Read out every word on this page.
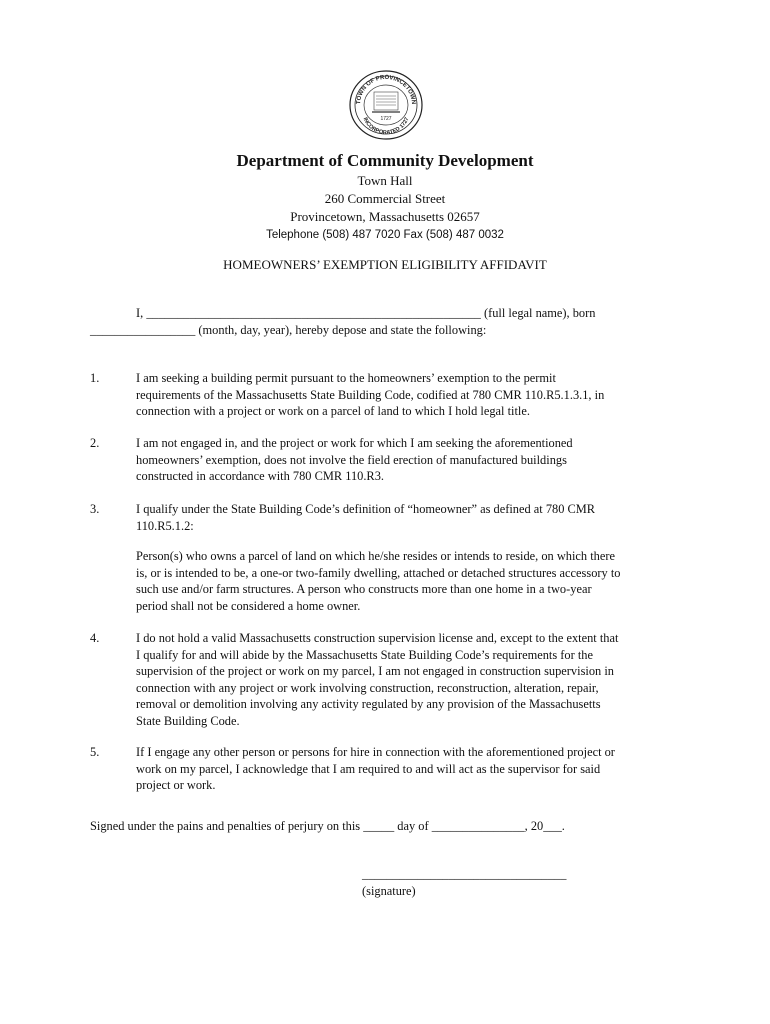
TOWN OF PROVINCETOWN
INCORPORATED 1727
1727
Department of Community Development
Town Hall
260 Commercial Street
Provincetown, Massachusetts 02657
Telephone (508) 487 7020 Fax (508) 487 0032
HOMEOWNERS’ EXEMPTION ELIGIBILITY AFFIDAVIT
I, ______________________________________________________ (full legal name), born
_________________ (month, day, year), hereby depose and state the following:
1.	I am seeking a building permit pursuant to the homeowners’ exemption to the permit
requirements of the Massachusetts State Building Code, codified at 780 CMR 110.R5.1.3.1, in
connection with a project or work on a parcel of land to which I hold legal title.
2.	I am not engaged in, and the project or work for which I am seeking the aforementioned
homeowners’ exemption, does not involve the field erection of manufactured buildings
constructed in accordance with 780 CMR 110.R3.
3.	I qualify under the State Building Code’s definition of “homeowner” as defined at 780 CMR
110.R5.1.2:
Person(s) who owns a parcel of land on which he/she resides or intends to reside, on which there
is, or is intended to be, a one-or two-family dwelling, attached or detached structures accessory to
such use and/or farm structures. A person who constructs more than one home in a two-year
period shall not be considered a home owner.
4.	I do not hold a valid Massachusetts construction supervision license and, except to the extent that
I qualify for and will abide by the Massachusetts State Building Code’s requirements for the
supervision of the project or work on my parcel, I am not engaged in construction supervision in
connection with any project or work involving construction, reconstruction, alteration, repair,
removal or demolition involving any activity regulated by any provision of the Massachusetts
State Building Code.
5.	If I engage any other person or persons for hire in connection with the aforementioned project or
work on my parcel, I acknowledge that I am required to and will act as the supervisor for said
project or work.
Signed under the pains and penalties of perjury on this _____ day of _______________, 20___.
_________________________________
(signature)
